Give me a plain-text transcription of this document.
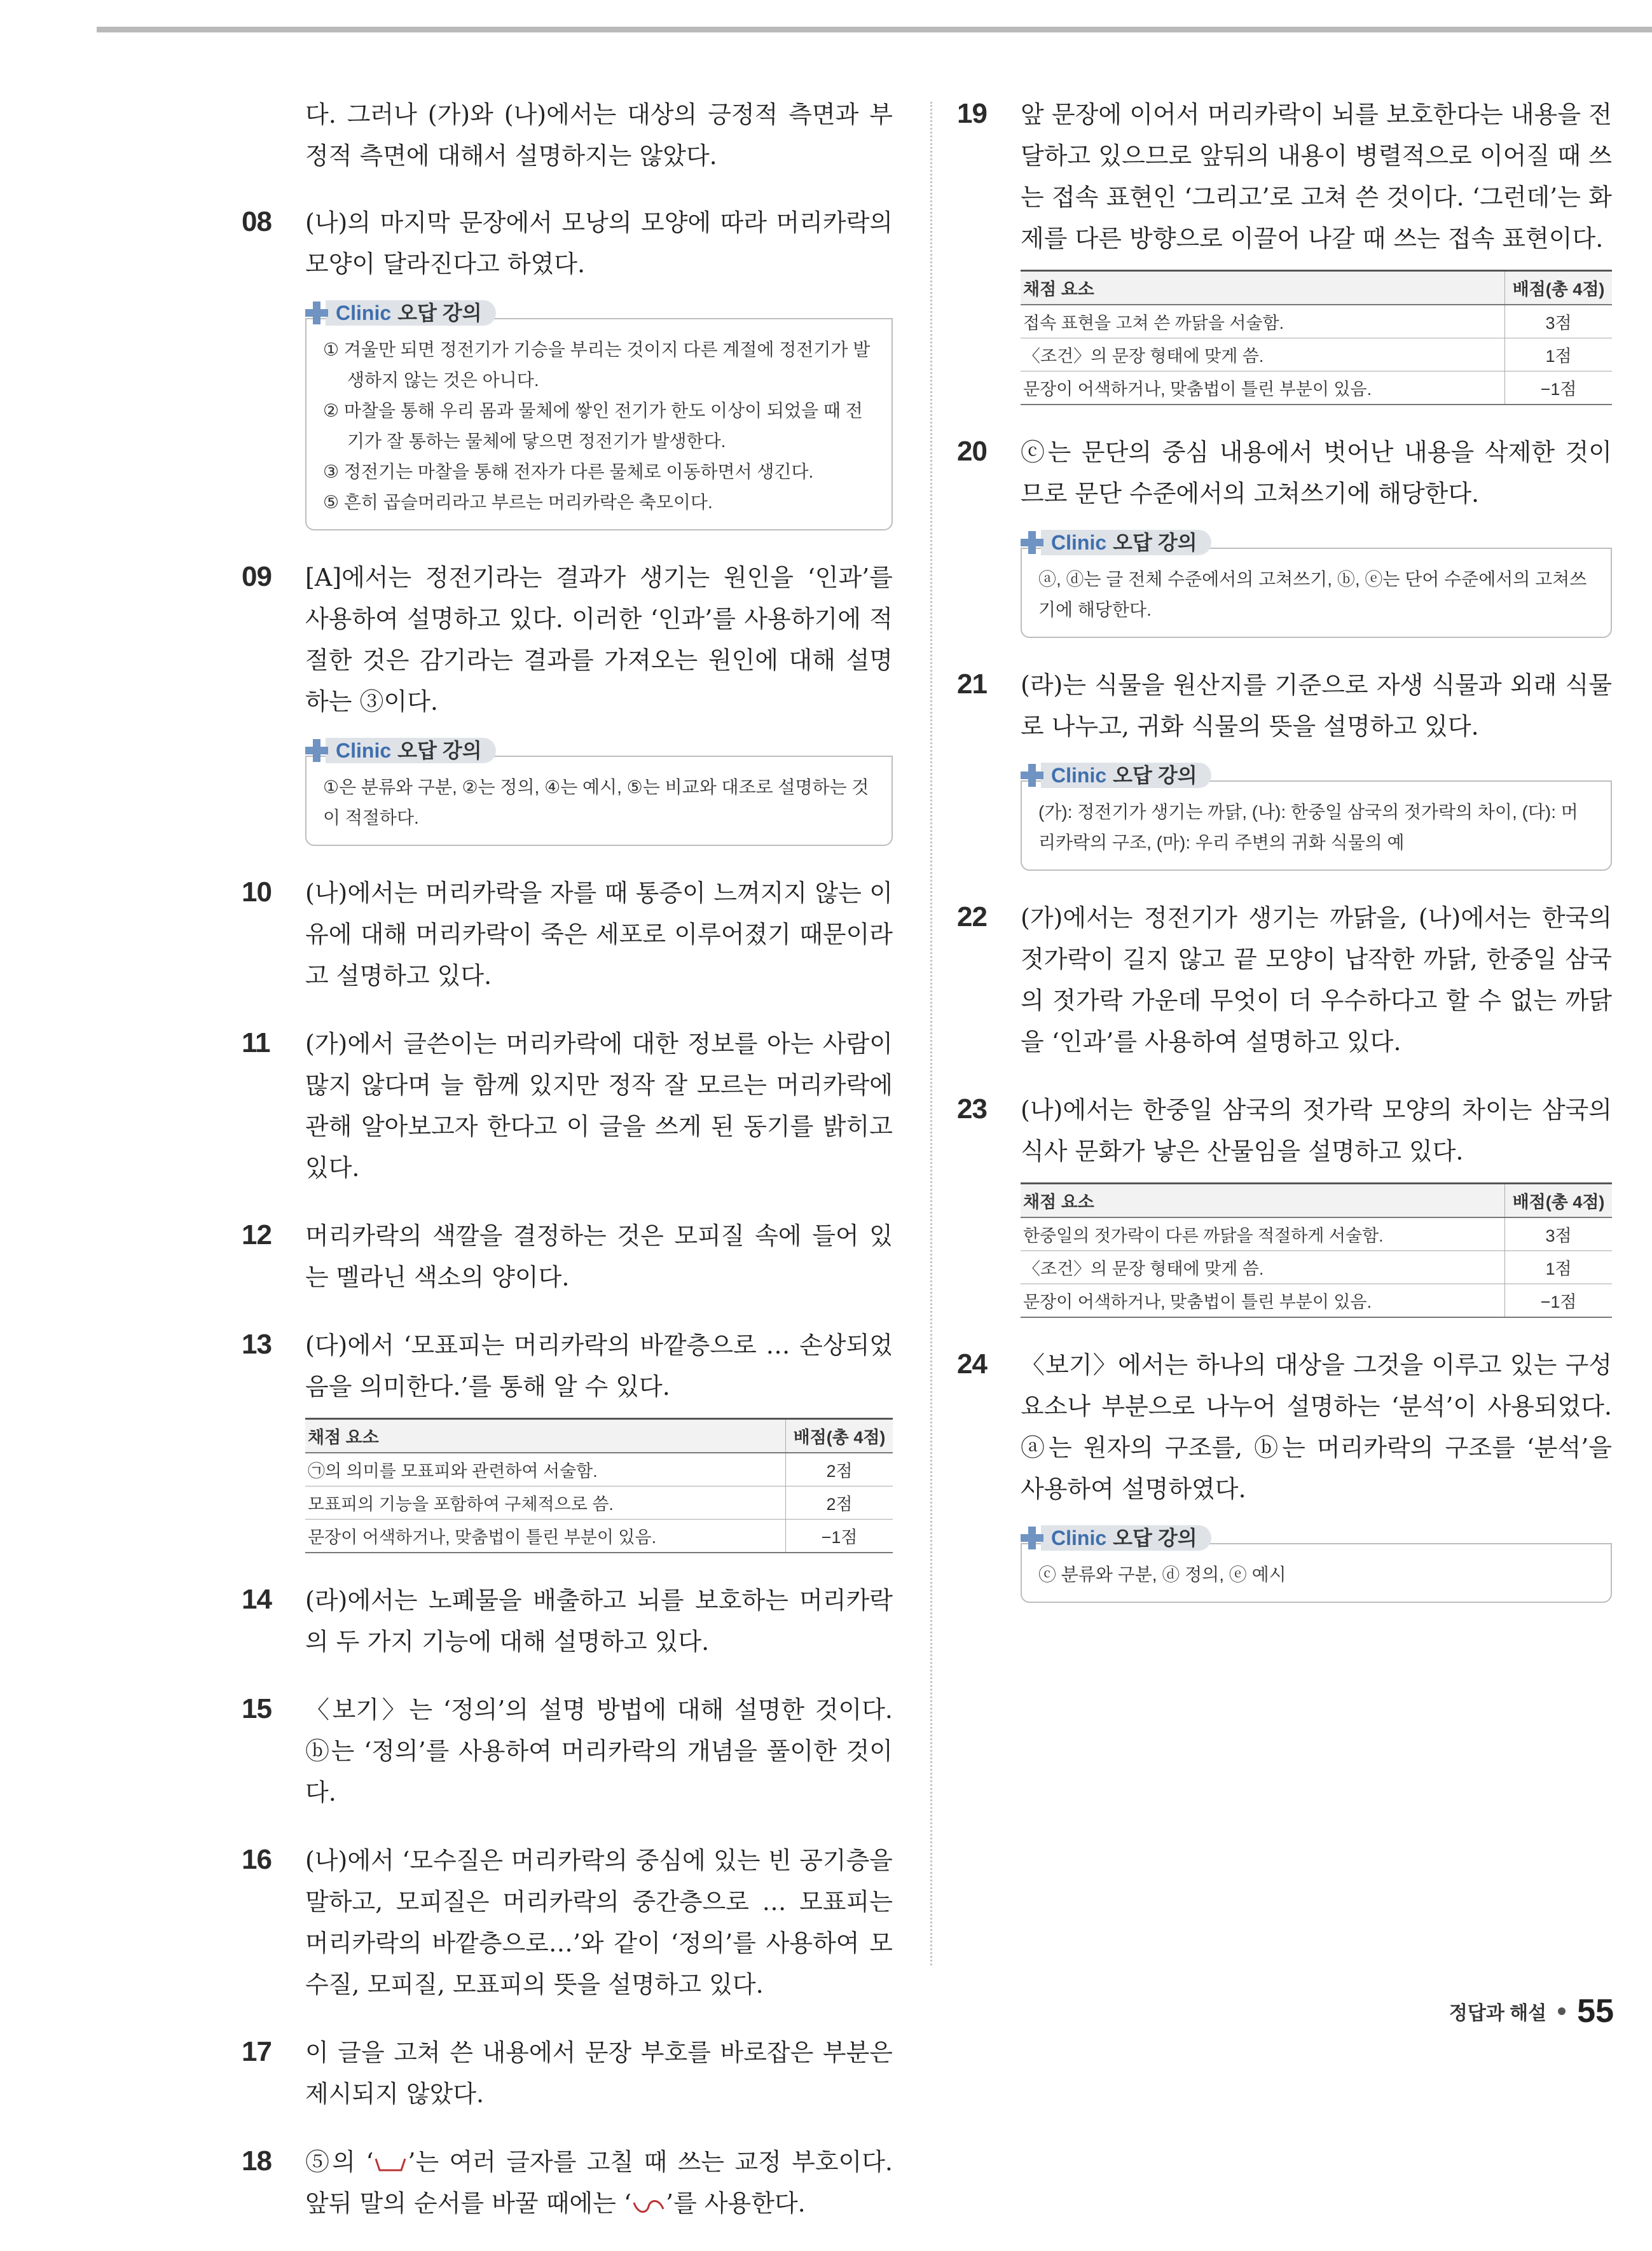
다. 그러나 (가)와 (나)에서는 대상의 긍정적 측면과 부정적 측면에 대해서 설명하지는 않았다.

08 (나)의 마지막 문장에서 모낭의 모양에 따라 머리카락의 모양이 달라진다고 하였다.

Clinic 오답 강의

① 겨울만 되면 정전기가 기승을 부리는 것이지 다른 계절에 정전기가 발생하지 않는 것은 아니다.

② 마찰을 통해 우리 몸과 물체에 쌓인 전기가 한도 이상이 되었을 때 전기가 잘 통하는 물체에 닿으면 정전기가 발생한다.

③ 정전기는 마찰을 통해 전자가 다른 물체로 이동하면서 생긴다.

⑤ 흔히 곱슬머리라고 부르는 머리카락은 축모이다.

09 [A]에서는 정전기라는 결과가 생기는 원인을 ‘인과’를 사용하여 설명하고 있다. 이러한 ‘인과’를 사용하기에 적절한 것은 감기라는 결과를 가져오는 원인에 대해 설명하는 ③이다.

Clinic 오답 강의

①은 분류와 구분, ②는 정의, ④는 예시, ⑤는 비교와 대조로 설명하는 것이 적절하다.

10 (나)에서는 머리카락을 자를 때 통증이 느껴지지 않는 이유에 대해 머리카락이 죽은 세포로 이루어졌기 때문이라고 설명하고 있다.

11 (가)에서 글쓴이는 머리카락에 대한 정보를 아는 사람이 많지 않다며 늘 함께 있지만 정작 잘 모르는 머리카락에 관해 알아보고자 한다고 이 글을 쓰게 된 동기를 밝히고 있다.

12 머리카락의 색깔을 결정하는 것은 모피질 속에 들어 있는 멜라닌 색소의 양이다.

13 (다)에서 ‘모표피는 머리카락의 바깥층으로 … 손상되었음을 의미한다.’를 통해 알 수 있다.

채점 요소	배점(총 4점)
㉠의 의미를 모표피와 관련하여 서술함.	2점
모표피의 기능을 포함하여 구체적으로 씀.	2점
문장이 어색하거나, 맞춤법이 틀린 부분이 있음.	−1점
14 (라)에서는 노폐물을 배출하고 뇌를 보호하는 머리카락의 두 가지 기능에 대해 설명하고 있다.

15 〈보기〉는 ‘정의’의 설명 방법에 대해 설명한 것이다. ⓑ는 ‘정의’를 사용하여 머리카락의 개념을 풀이한 것이다.

16 (나)에서 ‘모수질은 머리카락의 중심에 있는 빈 공기층을 말하고, 모피질은 머리카락의 중간층으로 … 모표피는 머리카락의 바깥층으로…’와 같이 ‘정의’를 사용하여 모수질, 모피질, 모표피의 뜻을 설명하고 있다.

17 이 글을 고쳐 쓴 내용에서 문장 부호를 바로잡은 부분은 제시되지 않았다.

18 ⑤의 ‘ ’는 여러 글자를 고칠 때 쓰는 교정 부호이다. 앞뒤 말의 순서를 바꿀 때에는 ‘ ’를 사용한다.

19 앞 문장에 이어서 머리카락이 뇌를 보호한다는 내용을 전달하고 있으므로 앞뒤의 내용이 병렬적으로 이어질 때 쓰는 접속 표현인 ‘그리고’로 고쳐 쓴 것이다. ‘그런데’는 화제를 다른 방향으로 이끌어 나갈 때 쓰는 접속 표현이다.

채점 요소	배점(총 4점)
접속 표현을 고쳐 쓴 까닭을 서술함.	3점
〈조건〉의 문장 형태에 맞게 씀.	1점
문장이 어색하거나, 맞춤법이 틀린 부분이 있음.	−1점
20 ⓒ는 문단의 중심 내용에서 벗어난 내용을 삭제한 것이므로 문단 수준에서의 고쳐쓰기에 해당한다.

Clinic 오답 강의

ⓐ, ⓓ는 글 전체 수준에서의 고쳐쓰기, ⓑ, ⓔ는 단어 수준에서의 고쳐쓰기에 해당한다.

21 (라)는 식물을 원산지를 기준으로 자생 식물과 외래 식물로 나누고, 귀화 식물의 뜻을 설명하고 있다.

Clinic 오답 강의

(가): 정전기가 생기는 까닭, (나): 한중일 삼국의 젓가락의 차이, (다): 머리카락의 구조, (마): 우리 주변의 귀화 식물의 예

22 (가)에서는 정전기가 생기는 까닭을, (나)에서는 한국의 젓가락이 길지 않고 끝 모양이 납작한 까닭, 한중일 삼국의 젓가락 가운데 무엇이 더 우수하다고 할 수 없는 까닭을 ‘인과’를 사용하여 설명하고 있다.

23 (나)에서는 한중일 삼국의 젓가락 모양의 차이는 삼국의 식사 문화가 낳은 산물임을 설명하고 있다.

채점 요소	배점(총 4점)
한중일의 젓가락이 다른 까닭을 적절하게 서술함.	3점
〈조건〉의 문장 형태에 맞게 씀.	1점
문장이 어색하거나, 맞춤법이 틀린 부분이 있음.	−1점
24 〈보기〉에서는 하나의 대상을 그것을 이루고 있는 구성 요소나 부분으로 나누어 설명하는 ‘분석’이 사용되었다. ⓐ는 원자의 구조를, ⓑ는 머리카락의 구조를 ‘분석’을 사용하여 설명하였다.

Clinic 오답 강의

ⓒ 분류와 구분, ⓓ 정의, ⓔ 예시

정답과 해설 55
